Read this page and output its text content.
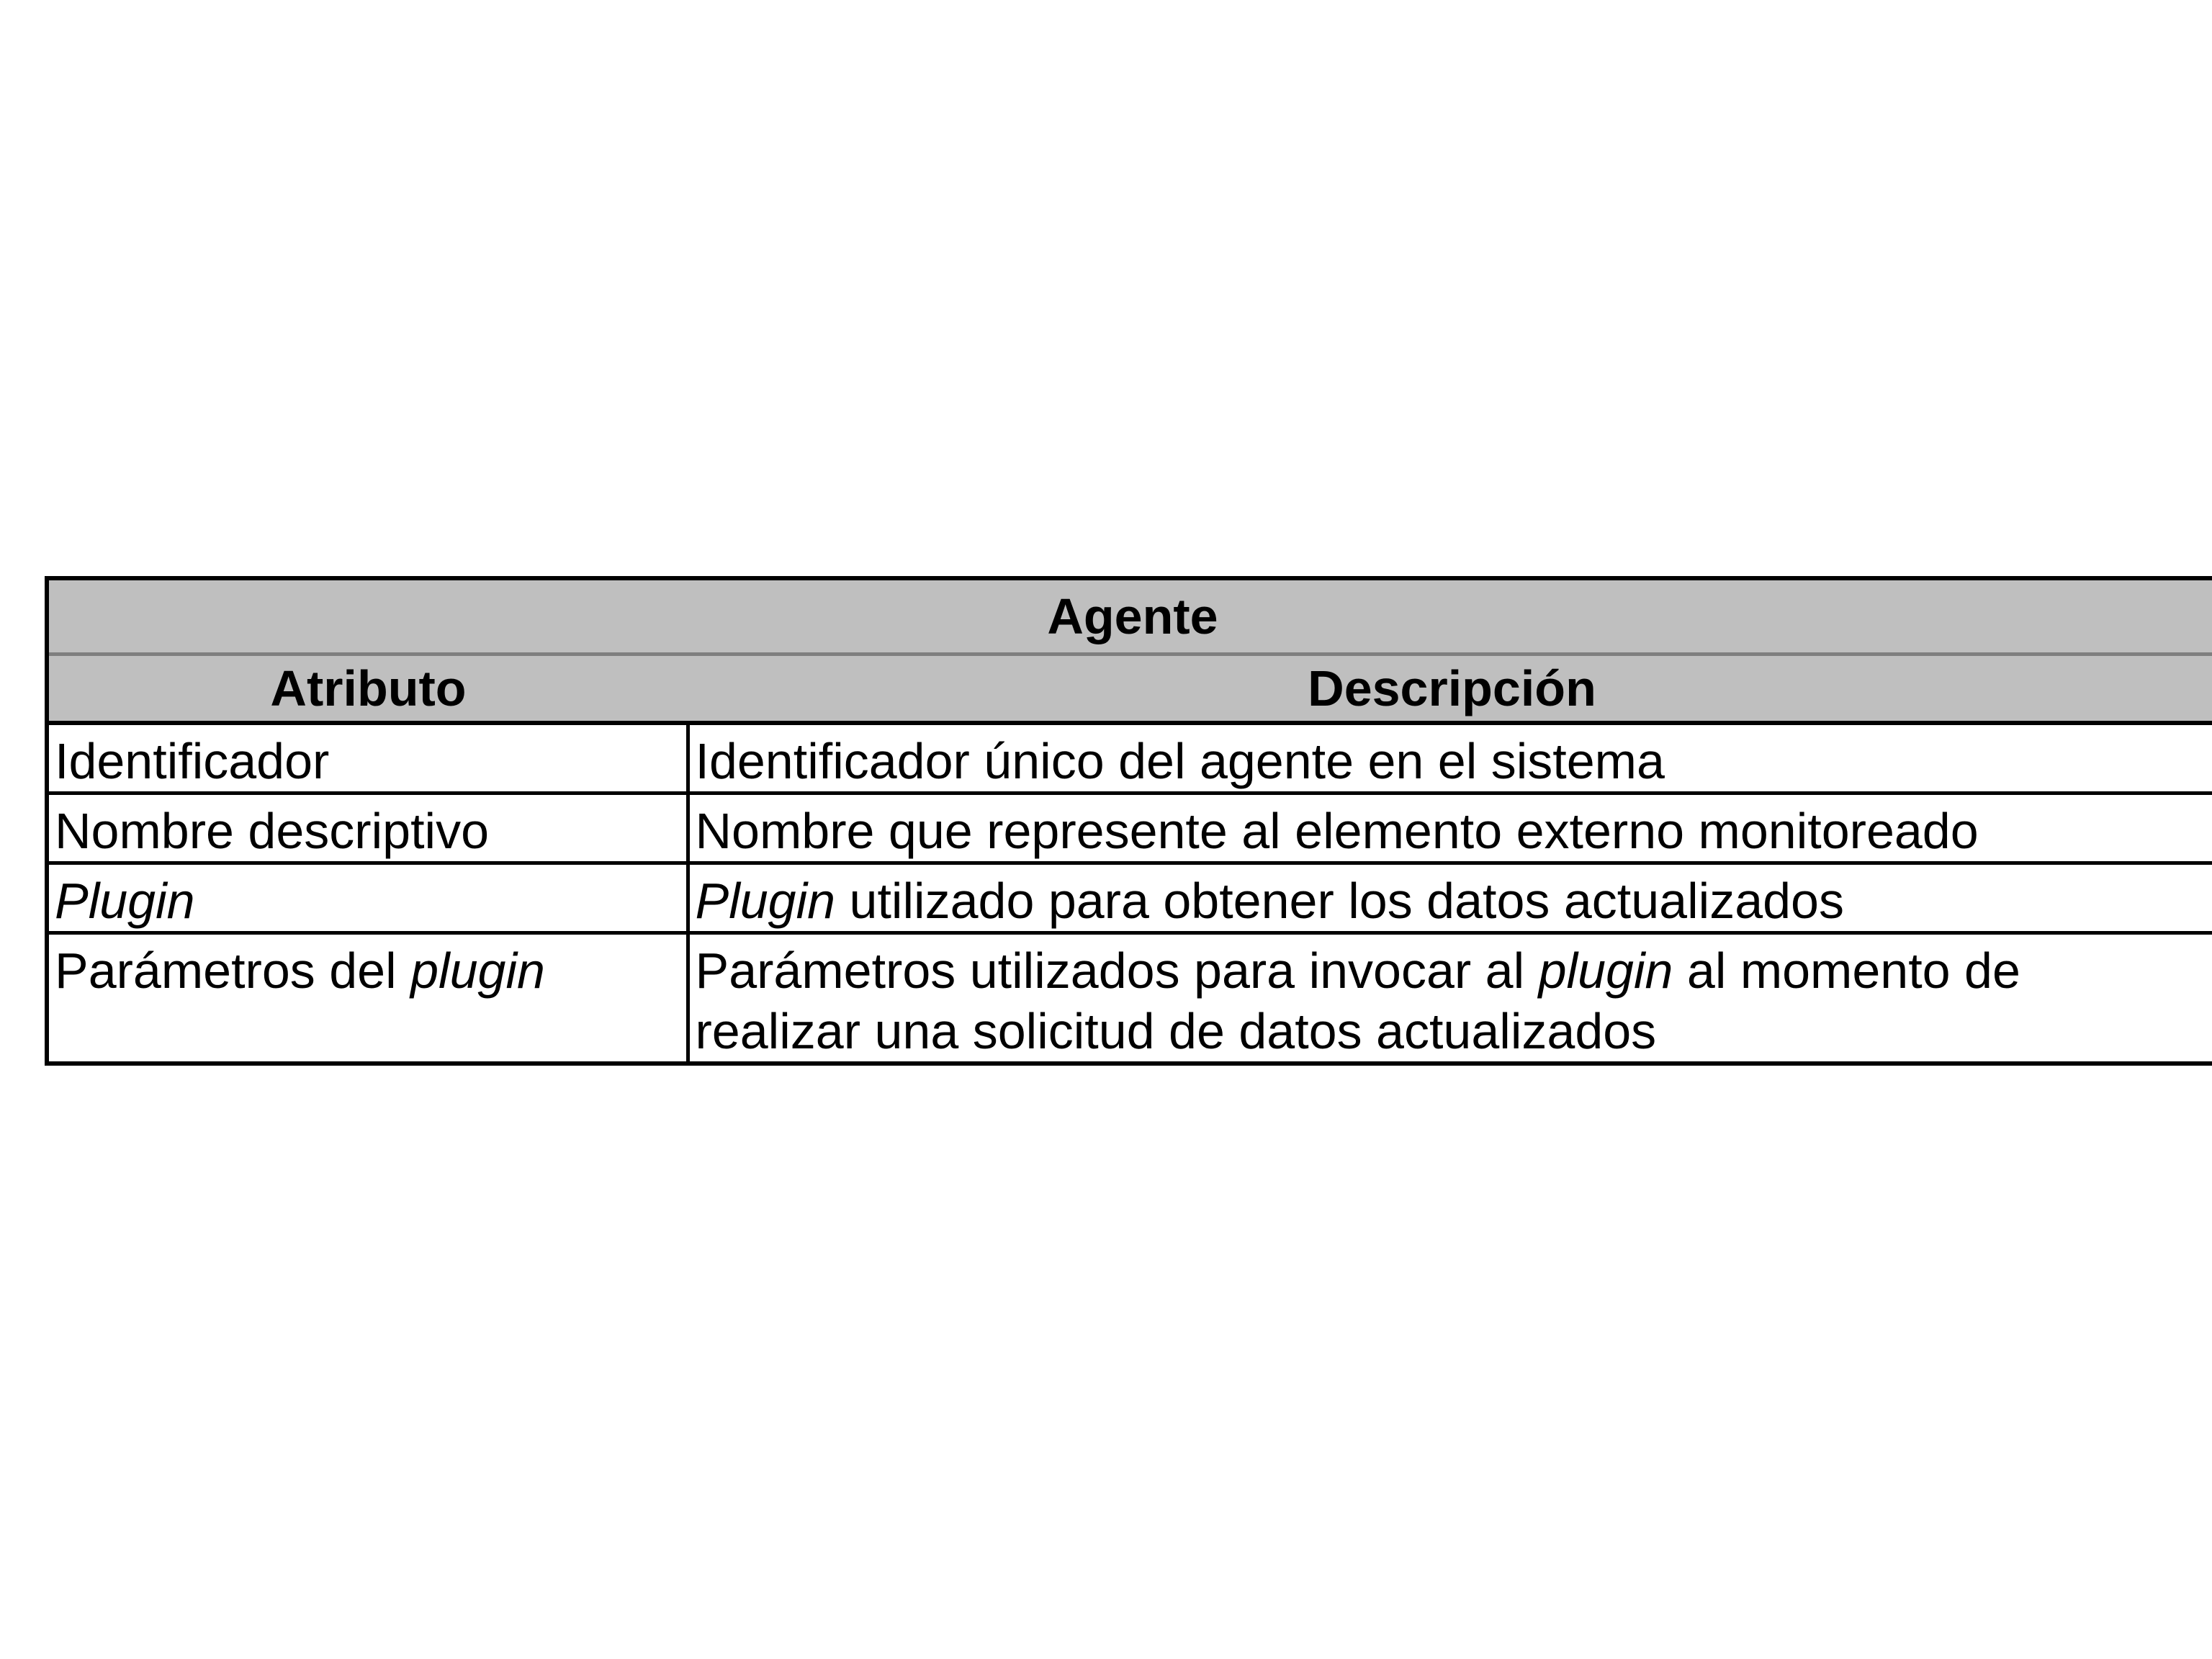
Agente	
Atributo	Descripción

Identificador	Identificador único del agente en el sistema

Nombre descriptivo	Nombre que represente al elemento externo monitoreado

Plugin	Plugin utilizado para obtener los datos actualizados

Parámetros del plugin	Parámetros utilizados para invocar al plugin al momento de
realizar una solicitud de datos actualizados
